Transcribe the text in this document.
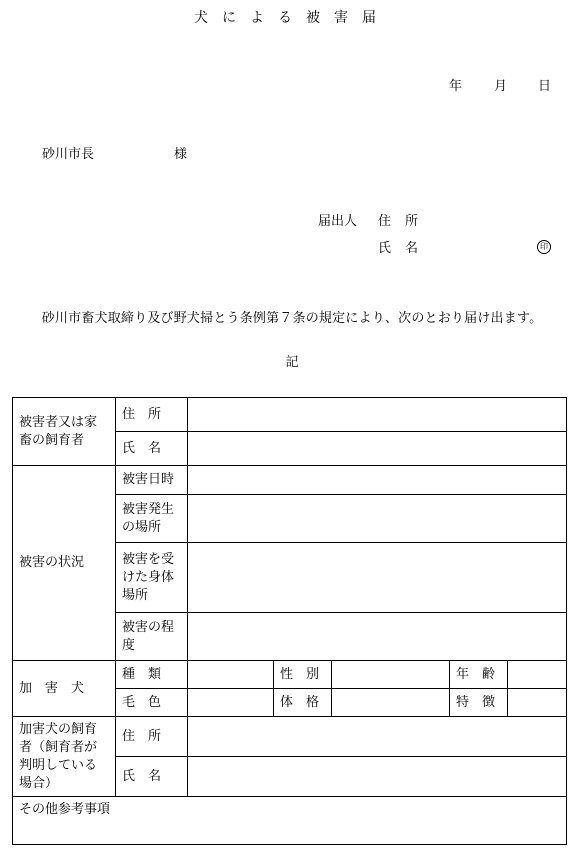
犬による被害届
年 月 日
砂川市長	様
届出人 住所
氏名	印
砂川市畜犬取締り及び野犬掃とう条例第７条の規定により、次のとおり届け出ます。
記
被害者又は家畜の飼育者	住　所					
	氏　名					
被害の状況	被害日時					
	被害発生の場所					
	被害を受けた身体場所					
	被害の程度					
加　害　犬	種　類		性　別		年　齢	
	毛　色		体　格		特　徴	
加害犬の飼育者（飼育者が判明している場合）	住　所					
	氏　名					
その他参考事項						
